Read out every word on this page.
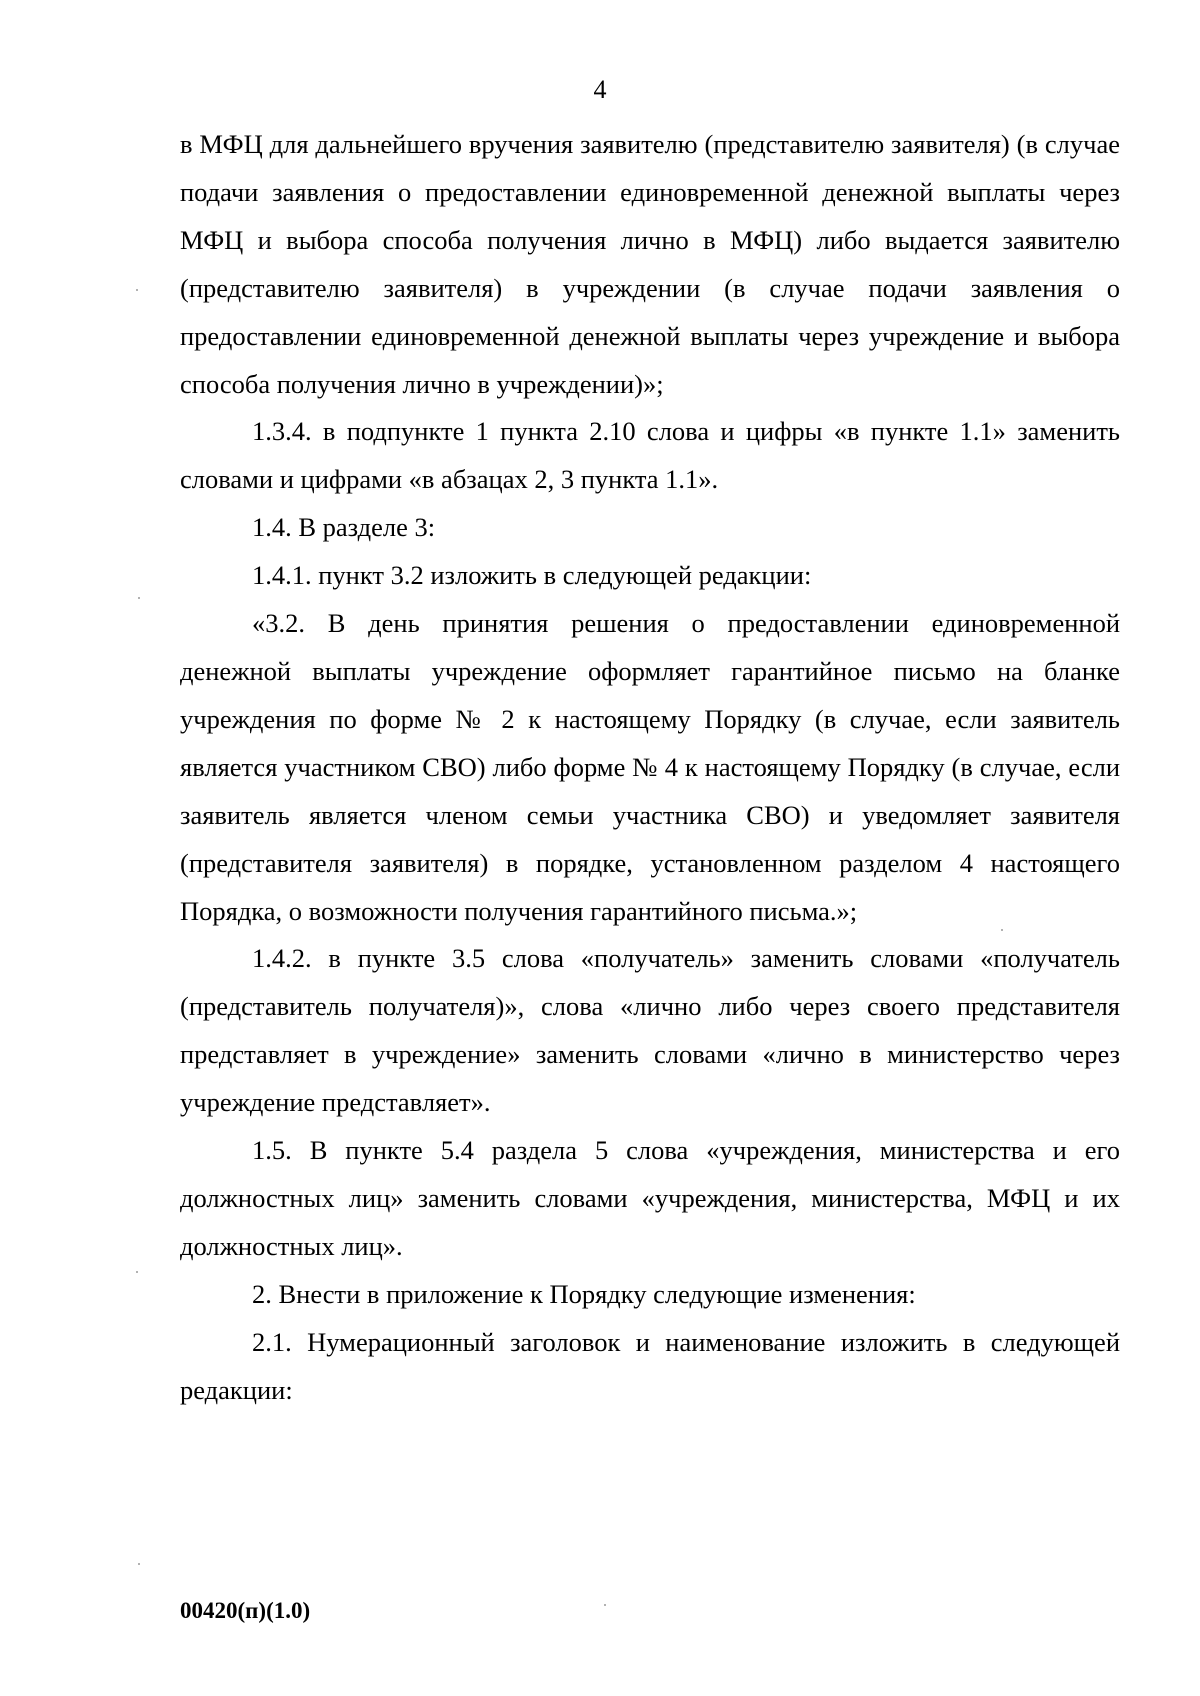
4

в МФЦ для дальнейшего вручения заявителю (представителю заявителя) (в случае подачи заявления о предоставлении единовременной денежной выплаты через МФЦ и выбора способа получения лично в МФЦ) либо выдается заявителю (представителю заявителя) в учреждении (в случае подачи заявления о предоставлении единовременной денежной выплаты через учреждение и выбора способа получения лично в учреждении)»;

1.3.4. в подпункте 1 пункта 2.10 слова и цифры «в пункте 1.1» заменить словами и цифрами «в абзацах 2, 3 пункта 1.1».

1.4. В разделе 3:

1.4.1. пункт 3.2 изложить в следующей редакции:

«3.2. В день принятия решения о предоставлении единовременной денежной выплаты учреждение оформляет гарантийное письмо на бланке учреждения по форме № 2 к настоящему Порядку (в случае, если заявитель является участником СВО) либо форме № 4 к настоящему Порядку (в случае, если заявитель является членом семьи участника СВО) и уведомляет заявителя (представителя заявителя) в порядке, установленном разделом 4 настоящего Порядка, о возможности получения гарантийного письма.»;

1.4.2. в пункте 3.5 слова «получатель» заменить словами «получатель (представитель получателя)», слова «лично либо через своего представителя представляет в учреждение» заменить словами «лично в министерство через учреждение представляет».

1.5. В пункте 5.4 раздела 5 слова «учреждения, министерства и его должностных лиц» заменить словами «учреждения, министерства, МФЦ и их должностных лиц».

2. Внести в приложение к Порядку следующие изменения:

2.1. Нумерационный заголовок и наименование изложить в следующей редакции:

00420(п)(1.0)
